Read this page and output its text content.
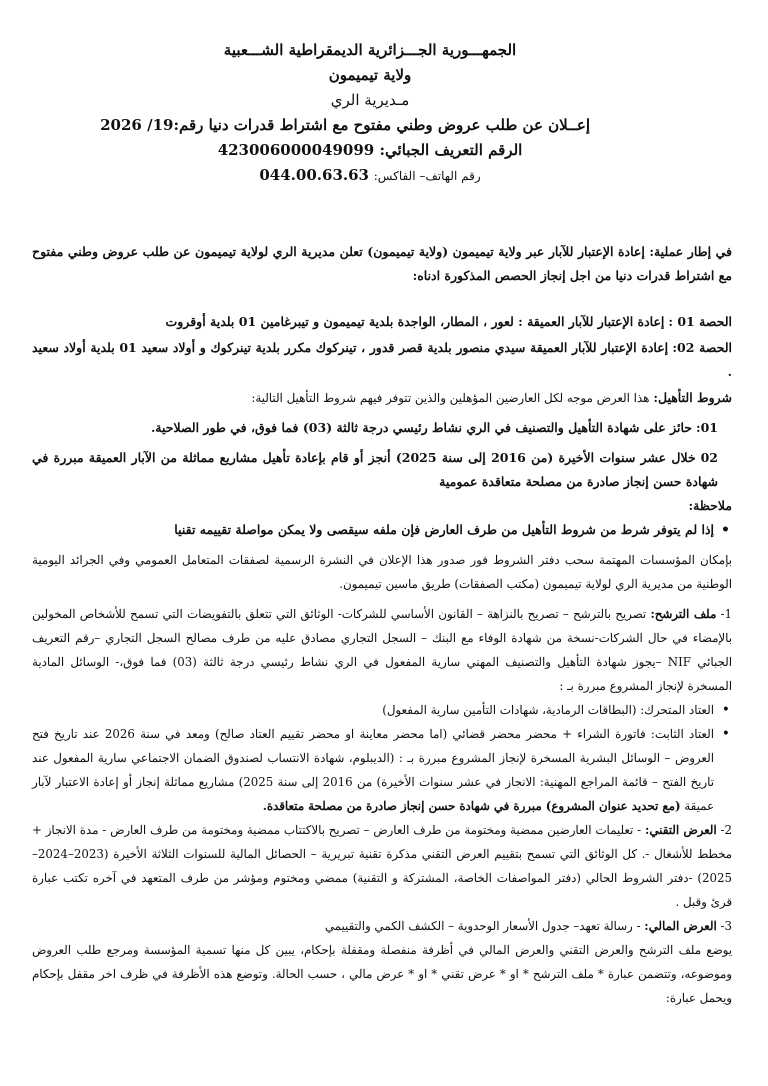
الجمهـــورية الجـــزائرية الديمقراطية الشـــعبية
ولاية تيميمون
مـديرية الري
إعــلان عن طلب عروض وطني مفتوح مع اشتراط قدرات دنيا رقم:19/ 2026
الرقم التعريف الجبائي: 423006000049099
رقم الهاتف– الفاكس: 044.00.63.63

في إطار عملية: إعادة الإعتبار للآبار عبر ولاية تيميمون (ولاية تيميمون) تعلن مديرية الري لولاية تيميمون عن طلب عروض وطني مفتوح مع اشتراط قدرات دنيا من اجل إنجاز الحصص المذكورة ادناه:

الحصة 01 : إعادة الإعتبار للآبار العميقة : لعور ، المطار، الواجدة بلدية تيميمون و تيبرغامين 01 بلدية أوقروت

الحصة 02: إعادة الإعتبار للآبار العميقة سيدي منصور بلدية قصر قدور ، تينركوك مكرر بلدية تينركوك و أولاد سعيد 01 بلدية أولاد سعيد .

شروط التأهيل: هذا العرض موجه لكل العارضين المؤهلين والذين تتوفر فيهم شروط التأهيل التالية:

01: حائز على شهادة التأهيل والتصنيف في الري نشاط رئيسي درجة ثالثة (03) فما فوق، في طور الصلاحية.

02 خلال عشر سنوات الأخيرة (من 2016 إلى سنة 2025) أنجز أو قام بإعادة تأهيل مشاريع مماثلة من الآبار العميقة مبررة في شهادة حسن إنجاز صادرة من مصلحة متعاقدة عمومية

ملاحظة:

• إذا لم يتوفر شرط من شروط التأهيل من طرف العارض فإن ملفه سيقصى ولا يمكن مواصلة تقييمه تقنيا

بإمكان المؤسسات المهتمة سحب دفتر الشروط فور صدور هذا الإعلان في النشرة الرسمية لصفقات المتعامل العمومي وفي الجرائد اليومية الوطنية من مديرية الري لولاية تيميمون (مكتب الصفقات) طريق ماسين تيميمون.

1- ملف الترشح: تصريح بالترشح – تصريح بالنزاهة – القانون الأساسي للشركات- الوثائق التي تتعلق بالتفويضات التي تسمح للأشخاص المخولين بالإمضاء في حال الشركات-نسخة من شهادة الوفاء مع البنك – السجل التجاري مصادق عليه من طرف مصالح السجل التجاري –رقم التعريف الجبائي NIF –يجوز شهادة التأهيل والتصنيف المهني سارية المفعول في الري نشاط رئيسي درجة ثالثة (03) فما فوق،- الوسائل المادية المسخرة لإنجاز المشروع مبررة بـ :

• العتاد المتحرك: (البطاقات الرمادية، شهادات التأمين سارية المفعول)

• العتاد الثابت: فاتورة الشراء + محضر محضر قضائي (اما محضر معاينة او محضر تقييم العتاد صالح) ومعد في سنة 2026 عند تاريخ فتح العروض – الوسائل البشرية المسخرة لإنجاز المشروع مبررة بـ : (الديبلوم، شهادة الانتساب لصندوق الضمان الاجتماعي سارية المفعول عند تاريخ الفتح – قائمة المراجع المهنية: الانجاز في عشر سنوات الأخيرة) من 2016 إلى سنة 2025) مشاريع مماثلة إنجاز أو إعادة الاعتبار لآبار عميقة (مع تحديد عنوان المشروع) مبررة في شهادة حسن إنجاز صادرة من مصلحة متعاقدة.

2- العرض التقني: - تعليمات العارضين ممضية ومختومة من طرف العارض – تصريح بالاكتتاب ممضية ومختومة من طرف العارض - مدة الانجاز + مخطط للأشغال -. كل الوثائق التي تسمح بتقييم العرض التقني مذكرة تقنية تبريرية – الحصائل المالية للسنوات الثلاثة الأخيرة (2023–2024–2025) -دفتر الشروط الحالي (دفتر المواصفات الخاصة، المشتركة و التقنية) ممضي ومختوم ومؤشر من طرف المتعهد في آخره تكتب عبارة قرئ وقبل .

3- العرض المالي: - رسالة تعهد– جدول الأسعار الوحدوية – الكشف الكمي والتقييمي

يوضع ملف الترشح والعرض التقني والعرض المالي في أظرفة منفصلة ومقفلة بإحكام، يبين كل منها تسمية المؤسسة ومرجع طلب العروض وموضوعه، وتتضمن عبارة * ملف الترشح * او * عرض تقني * او * عرض مالي ، حسب الحالة. وتوضع هذه الأظرفة في ظرف اخر مقفل بإحكام ويحمل عبارة:
